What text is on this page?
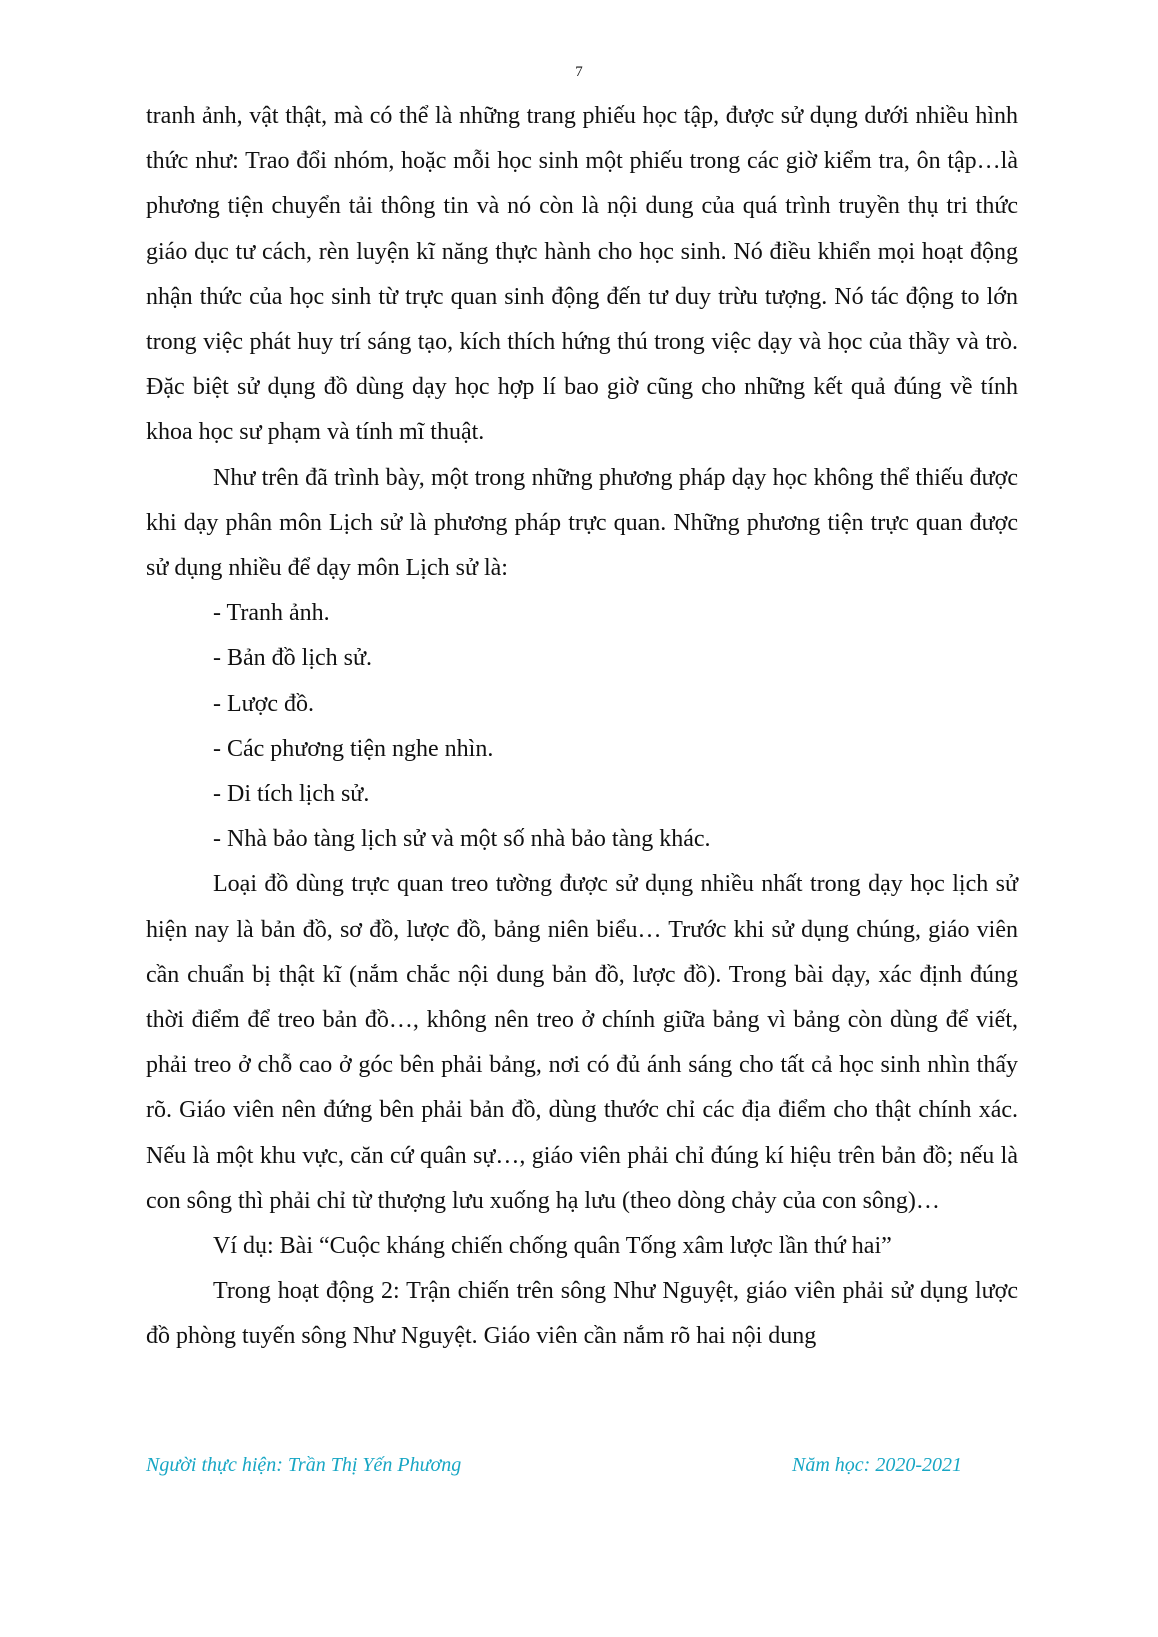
7

tranh ảnh, vật thật, mà có thể là những trang phiếu học tập, được sử dụng dưới nhiều hình thức như: Trao đổi nhóm, hoặc mỗi học sinh một phiếu trong các giờ kiểm tra, ôn tập…là phương tiện chuyển tải thông tin và nó còn là nội dung của quá trình truyền thụ tri thức giáo dục tư cách, rèn luyện kĩ năng thực hành cho học sinh. Nó điều khiển mọi hoạt động nhận thức của học sinh từ trực quan sinh động đến tư duy trừu tượng. Nó tác động to lớn trong việc phát huy trí sáng tạo, kích thích hứng thú trong việc dạy và học của thầy và trò. Đặc biệt sử dụng đồ dùng dạy học hợp lí bao giờ cũng cho những kết quả đúng về tính khoa học sư phạm và tính mĩ thuật.

Như trên đã trình bày, một trong những phương pháp dạy học không thể thiếu được khi dạy phân môn Lịch sử là phương pháp trực quan. Những phương tiện trực quan được sử dụng nhiều để dạy môn Lịch sử là:

- Tranh ảnh.

- Bản đồ lịch sử.

- Lược đồ.

- Các phương tiện nghe nhìn.

- Di tích lịch sử.

- Nhà bảo tàng lịch sử và một số nhà bảo tàng khác.

Loại đồ dùng trực quan treo tường được sử dụng nhiều nhất trong dạy học lịch sử hiện nay là bản đồ, sơ đồ, lược đồ, bảng niên biểu… Trước khi sử dụng chúng, giáo viên cần chuẩn bị thật kĩ (nắm chắc nội dung bản đồ, lược đồ). Trong bài dạy, xác định đúng thời điểm để treo bản đồ…, không nên treo ở chính giữa bảng vì bảng còn dùng để viết, phải treo ở chỗ cao ở góc bên phải bảng, nơi có đủ ánh sáng cho tất cả học sinh nhìn thấy rõ. Giáo viên nên đứng bên phải bản đồ, dùng thước chỉ các địa điểm cho thật chính xác. Nếu là một khu vực, căn cứ quân sự…, giáo viên phải chỉ đúng kí hiệu trên bản đồ; nếu là con sông thì phải chỉ từ thượng lưu xuống hạ lưu (theo dòng chảy của con sông)…

Ví dụ: Bài “Cuộc kháng chiến chống quân Tống xâm lược lần thứ hai”

Trong hoạt động 2: Trận chiến trên sông Như Nguyệt, giáo viên phải sử dụng lược đồ phòng tuyến sông Như Nguyệt. Giáo viên cần nắm rõ hai nội dung

Người thực hiện: Trần Thị Yến Phương	Năm học: 2020-2021
